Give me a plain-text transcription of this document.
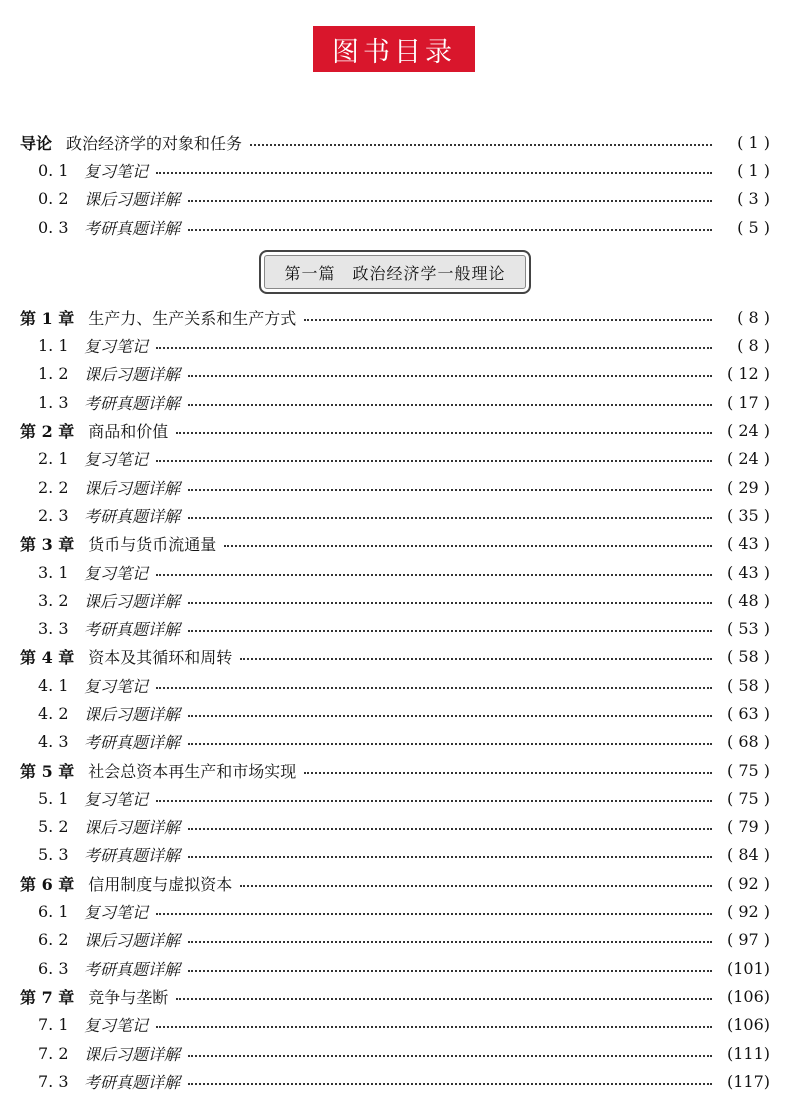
图书目录
导论 政治经济学的对象和任务	( 1 )
0. 1 复习笔记	( 1 )
0. 2 课后习题详解	( 3 )
0. 3 考研真题详解	( 5 )
第一篇　政治经济学一般理论
第 1 章 生产力、生产关系和生产方式	( 8 )
1. 1 复习笔记	( 8 )
1. 2 课后习题详解	( 12 )
1. 3 考研真题详解	( 17 )
第 2 章 商品和价值	( 24 )
2. 1 复习笔记	( 24 )
2. 2 课后习题详解	( 29 )
2. 3 考研真题详解	( 35 )
第 3 章 货币与货币流通量	( 43 )
3. 1 复习笔记	( 43 )
3. 2 课后习题详解	( 48 )
3. 3 考研真题详解	( 53 )
第 4 章 资本及其循环和周转	( 58 )
4. 1 复习笔记	( 58 )
4. 2 课后习题详解	( 63 )
4. 3 考研真题详解	( 68 )
第 5 章 社会总资本再生产和市场实现	( 75 )
5. 1 复习笔记	( 75 )
5. 2 课后习题详解	( 79 )
5. 3 考研真题详解	( 84 )
第 6 章 信用制度与虚拟资本	( 92 )
6. 1 复习笔记	( 92 )
6. 2 课后习题详解	( 97 )
6. 3 考研真题详解	(101)
第 7 章 竞争与垄断	(106)
7. 1 复习笔记	(106)
7. 2 课后习题详解	(111)
7. 3 考研真题详解	(117)
